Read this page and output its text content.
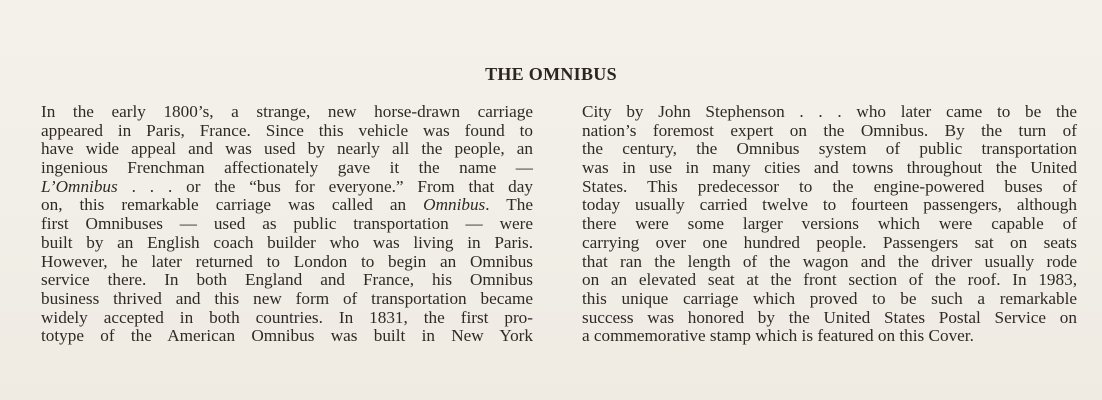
THE OMNIBUS
In the early 1800’s, a strange, new horse-drawn carriage
appeared in Paris, France. Since this vehicle was found to
have wide appeal and was used by nearly all the people, an
ingenious Frenchman affectionately gave it the name —
L’Omnibus . . . or the “bus for everyone.” From that day
on, this remarkable carriage was called an Omnibus. The
first Omnibuses — used as public transportation — were
built by an English coach builder who was living in Paris.
However, he later returned to London to begin an Omnibus
service there. In both England and France, his Omnibus
business thrived and this new form of transportation became
widely accepted in both countries. In 1831, the first pro-
totype of the American Omnibus was built in New York
City by John Stephenson . . . who later came to be the
nation’s foremost expert on the Omnibus. By the turn of
the century, the Omnibus system of public transportation
was in use in many cities and towns throughout the United
States. This predecessor to the engine-powered buses of
today usually carried twelve to fourteen passengers, although
there were some larger versions which were capable of
carrying over one hundred people. Passengers sat on seats
that ran the length of the wagon and the driver usually rode
on an elevated seat at the front section of the roof. In 1983,
this unique carriage which proved to be such a remarkable
success was honored by the United States Postal Service on
a commemorative stamp which is featured on this Cover.
